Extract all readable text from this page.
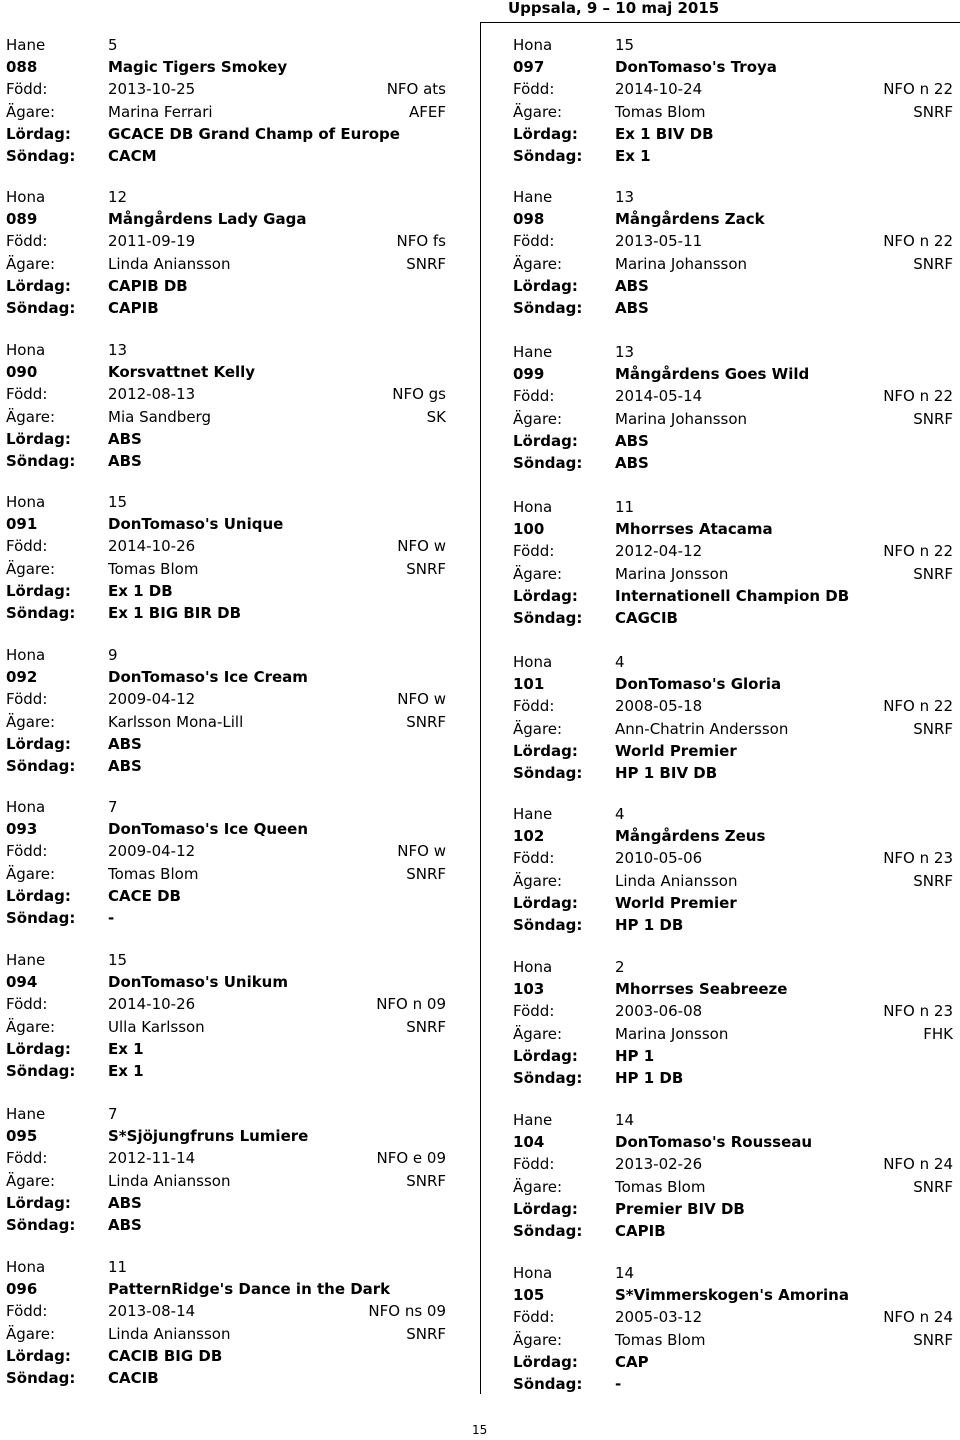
Uppsala, 9 – 10 maj 2015
Hane	5
088	Magic Tigers Smokey
Född:	2013-10-25	NFO ats
Ägare:	Marina Ferrari	AFEF
Lördag: GCACE DB Grand Champ of Europe
Söndag: CACM
Hona	12
089	Mångårdens Lady Gaga
Född:	2011-09-19	NFO fs
Ägare:	Linda Aniansson	SNRF
Lördag: CAPIB DB
Söndag: CAPIB
Hona	13
090	Korsvattnet Kelly
Född:	2012-08-13	NFO gs
Ägare:	Mia Sandberg	SK
Lördag: ABS
Söndag: ABS
Hona	15
091	DonTomaso's Unique
Född:	2014-10-26	NFO w
Ägare:	Tomas Blom	SNRF
Lördag: Ex 1 DB
Söndag: Ex 1 BIG BIR DB
Hona	9
092	DonTomaso's Ice Cream
Född:	2009-04-12	NFO w
Ägare:	Karlsson Mona-Lill	SNRF
Lördag: ABS
Söndag: ABS
Hona	7
093	DonTomaso's Ice Queen
Född:	2009-04-12	NFO w
Ägare:	Tomas Blom	SNRF
Lördag: CACE DB
Söndag: -
Hane	15
094	DonTomaso's Unikum
Född:	2014-10-26	NFO n 09
Ägare:	Ulla Karlsson	SNRF
Lördag: Ex 1
Söndag: Ex 1
Hane	7
095	S*Sjöjungfruns Lumiere
Född:	2012-11-14	NFO e 09
Ägare:	Linda Aniansson	SNRF
Lördag: ABS
Söndag: ABS
Hona	11
096	PatternRidge's Dance in the Dark
Född:	2013-08-14	NFO ns 09
Ägare:	Linda Aniansson	SNRF
Lördag: CACIB BIG DB
Söndag: CACIB
Hona	15
097	DonTomaso's Troya
Född:	2014-10-24	NFO n 22
Ägare:	Tomas Blom	SNRF
Lördag: Ex 1 BIV DB
Söndag: Ex 1
Hane	13
098	Mångårdens Zack
Född:	2013-05-11	NFO n 22
Ägare:	Marina Johansson	SNRF
Lördag: ABS
Söndag: ABS
Hane	13
099	Mångårdens Goes Wild
Född:	2014-05-14	NFO n 22
Ägare:	Marina Johansson	SNRF
Lördag: ABS
Söndag: ABS
Hona	11
100	Mhorrses Atacama
Född:	2012-04-12	NFO n 22
Ägare:	Marina Jonsson	SNRF
Lördag: Internationell Champion DB
Söndag: CAGCIB
Hona	4
101	DonTomaso's Gloria
Född:	2008-05-18	NFO n 22
Ägare:	Ann-Chatrin Andersson	SNRF
Lördag: World Premier
Söndag: HP 1 BIV DB
Hane	4
102	Mångårdens Zeus
Född:	2010-05-06	NFO n 23
Ägare:	Linda Aniansson	SNRF
Lördag: World Premier
Söndag: HP 1 DB
Hona	2
103	Mhorrses Seabreeze
Född:	2003-06-08	NFO n 23
Ägare:	Marina Jonsson	FHK
Lördag: HP 1
Söndag: HP 1 DB
Hane	14
104	DonTomaso's Rousseau
Född:	2013-02-26	NFO n 24
Ägare:	Tomas Blom	SNRF
Lördag: Premier BIV DB
Söndag: CAPIB
Hona	14
105	S*Vimmerskogen's Amorina
Född:	2005-03-12	NFO n 24
Ägare:	Tomas Blom	SNRF
Lördag: CAP
Söndag: -
15
